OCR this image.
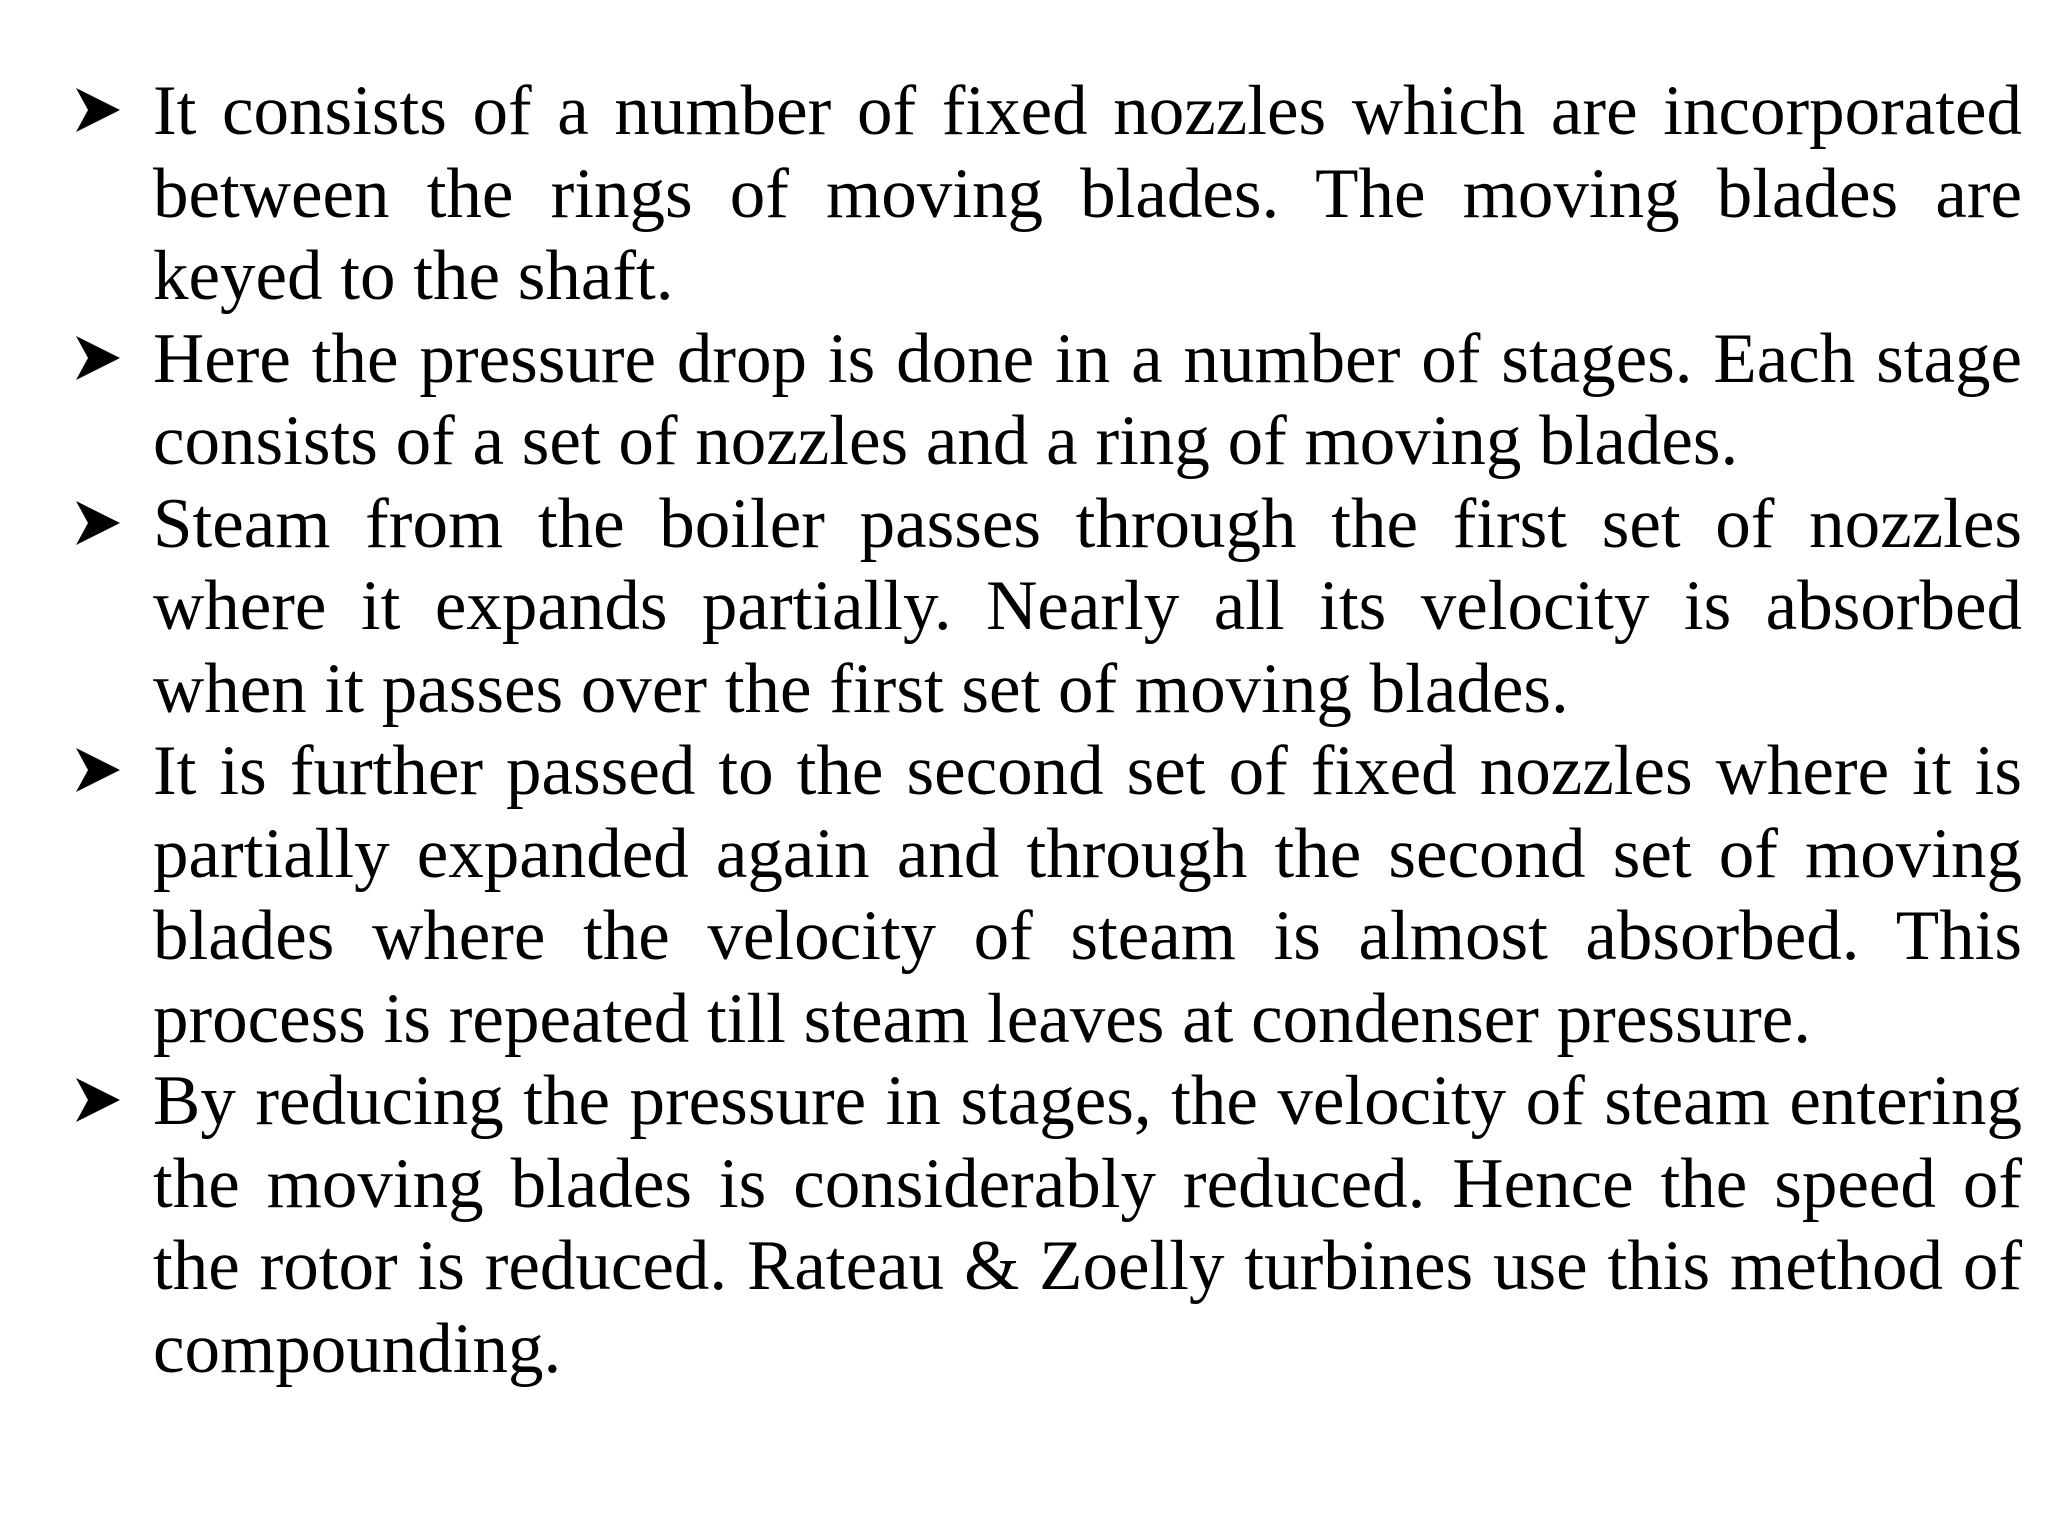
It consists of a number of fixed nozzles which are incorporated between the rings of moving blades. The moving blades are keyed to the shaft.
Here the pressure drop is done in a number of stages. Each stage consists of a set of nozzles and a ring of moving blades.
Steam from the boiler passes through the first set of nozzles where it expands partially. Nearly all its velocity is absorbed when it passes over the first set of moving blades.
It is further passed to the second set of fixed nozzles where it is partially expanded again and through the second set of moving blades where the velocity of steam is almost absorbed. This process is repeated till steam leaves at condenser pressure.
By reducing the pressure in stages, the velocity of steam entering the moving blades is considerably reduced. Hence the speed of the rotor is reduced. Rateau & Zoelly turbines use this method of compounding.
